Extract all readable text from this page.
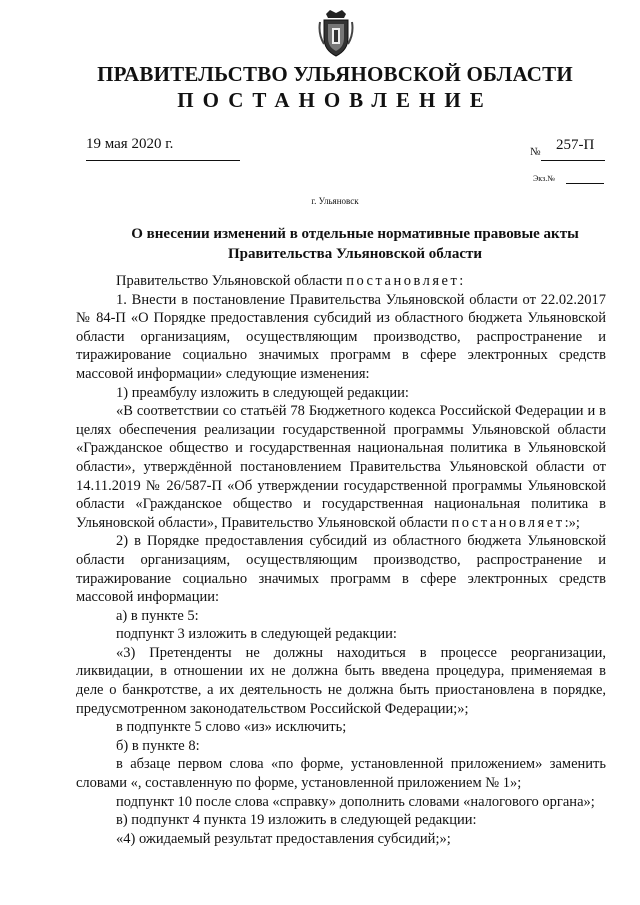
ПРАВИТЕЛЬСТВО УЛЬЯНОВСКОЙ ОБЛАСТИ
ПОСТАНОВЛЕНИЕ
19 мая 2020 г.	№ 257-П
Экз.№
г. Ульяновск
О внесении изменений в отдельные нормативные правовые акты
Правительства Ульяновской области

Правительство Ульяновской области постановляет:

1. Внести в постановление Правительства Ульяновской области от 22.02.2017 № 84-П «О Порядке предоставления субсидий из областного бюджета Ульяновской области организациям, осуществляющим производство, распространение и тиражирование социально значимых программ в сфере электронных средств массовой информации» следующие изменения:

1) преамбулу изложить в следующей редакции:

«В соответствии со статьёй 78 Бюджетного кодекса Российской Федерации и в целях обеспечения реализации государственной программы Ульяновской области «Гражданское общество и государственная национальная политика в Ульяновской области», утверждённой постановлением Правительства Ульяновской области от 14.11.2019 № 26/587-П «Об утверждении государственной программы Ульяновской области «Гражданское общество и государственная национальная политика в Ульяновской области», Правительство Ульяновской области постановляет:»;

2) в Порядке предоставления субсидий из областного бюджета Ульяновской области организациям, осуществляющим производство, распространение и тиражирование социально значимых программ в сфере электронных средств массовой информации:

а) в пункте 5:

подпункт 3 изложить в следующей редакции:

«3) Претенденты не должны находиться в процессе реорганизации, ликвидации, в отношении их не должна быть введена процедура, применяемая в деле о банкротстве, а их деятельность не должна быть приостановлена в порядке, предусмотренном законодательством Российской Федерации;»;

в подпункте 5 слово «из» исключить;

б) в пункте 8:

в абзаце первом слова «по форме, установленной приложением» заменить словами «, составленную по форме, установленной приложением № 1»;

подпункт 10 после слова «справку» дополнить словами «налогового органа»;

в) подпункт 4 пункта 19 изложить в следующей редакции:

«4) ожидаемый результат предоставления субсидий;»;
